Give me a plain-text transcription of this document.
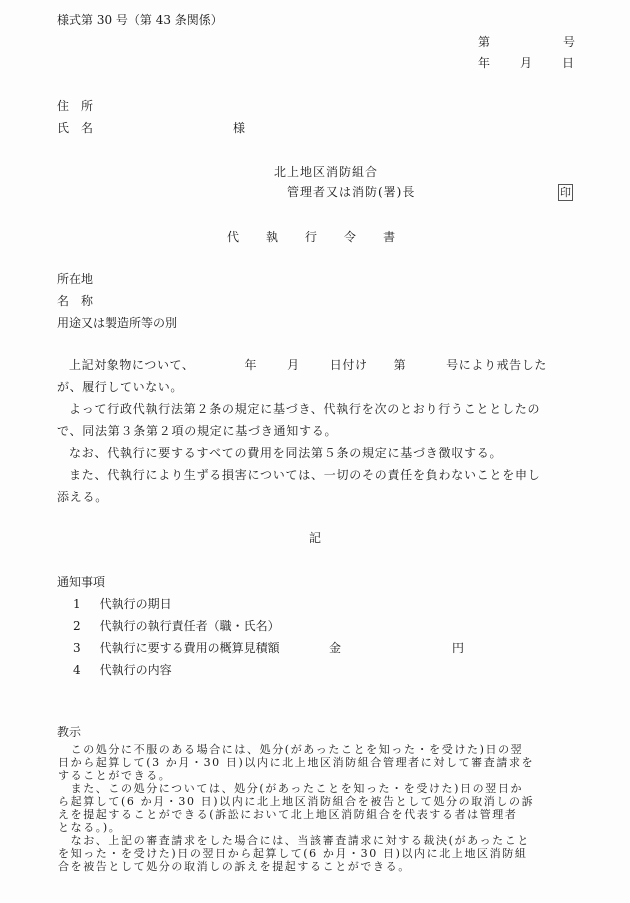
様式第 30 号（第 43 条関係）
第	号
年	月	日
住　所
氏　名	様
北上地区消防組合
管理者又は消防(署)長	印
代 執 行 令 書
所在地
名　称
用途又は製造所等の別
上記対象物について、	年	月	日付け 第	号により戒告した
が、履行していない。
よって行政代執行法第２条の規定に基づき、代執行を次のとおり行うこととしたの
で、同法第３条第２項の規定に基づき通知する。
なお、代執行に要するすべての費用を同法第５条の規定に基づき徴収する。
また、代執行により生ずる損害については、一切のその責任を負わないことを申し
添える。
記
通知事項
1 代執行の期日
2 代執行の執行責任者（職・氏名）
3 代執行に要する費用の概算見積額	金	円
4 代執行の内容
教示
　この処分に不服のある場合には、処分(があったことを知った・を受けた)日の翌
日から起算して(3 か月・30 日)以内に北上地区消防組合管理者に対して審査請求を
することができる。
　また、この処分については、処分(があったことを知った・を受けた)日の翌日か
ら起算して(6 か月・30 日)以内に北上地区消防組合を被告として処分の取消しの訴
えを提起することができる(訴訟において北上地区消防組合を代表する者は管理者
となる。)。
　なお、上記の審査請求をした場合には、当該審査請求に対する裁決(があったこと
を知った・を受けた)日の翌日から起算して(6 か月・30 日)以内に北上地区消防組
合を被告として処分の取消しの訴えを提起することができる。
